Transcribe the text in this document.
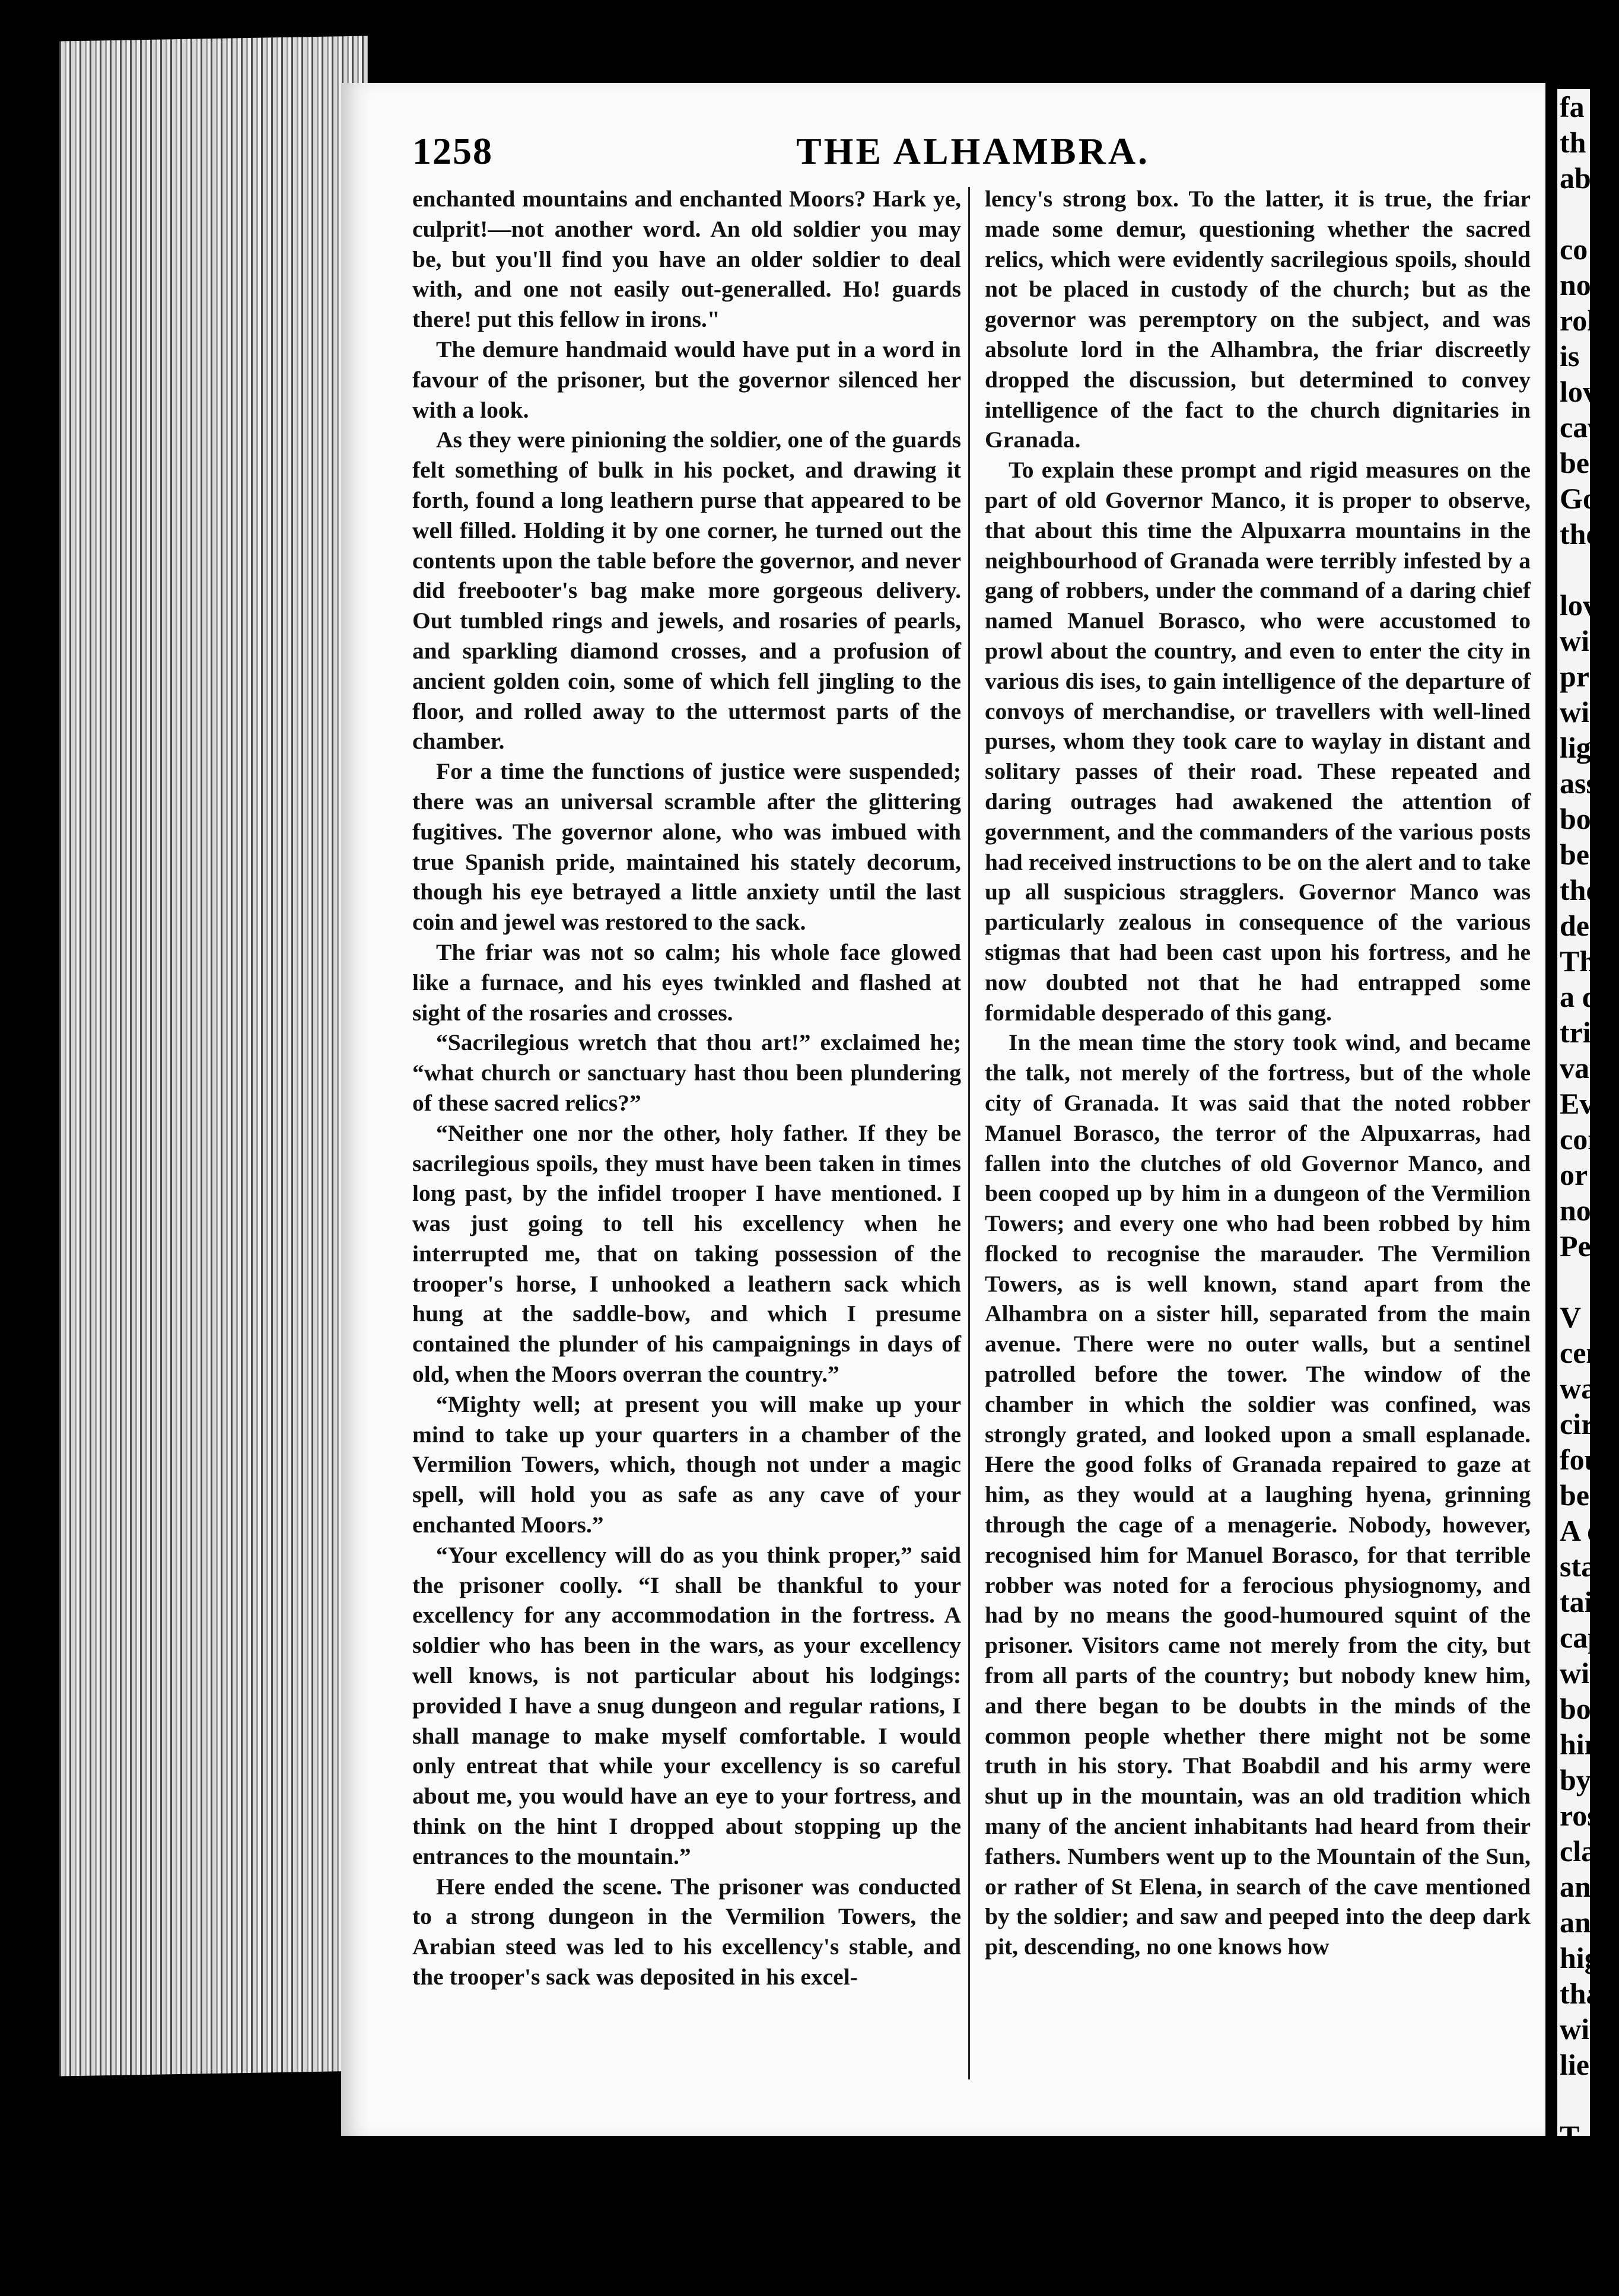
1258	THE ALHAMBRA.

enchanted mountains and enchanted Moors? Hark ye, culprit!—not another word. An old soldier you may be, but you'll find you have an older soldier to deal with, and one not easily out-generalled. Ho! guards there! put this fellow in irons."

The demure handmaid would have put in a word in favour of the prisoner, but the governor silenced her with a look.

As they were pinioning the soldier, one of the guards felt something of bulk in his pocket, and drawing it forth, found a long leathern purse that appeared to be well filled. Holding it by one corner, he turned out the contents upon the table before the governor, and never did freebooter's bag make more gorgeous delivery. Out tumbled rings and jewels, and rosaries of pearls, and sparkling diamond crosses, and a profusion of ancient golden coin, some of which fell jingling to the floor, and rolled away to the uttermost parts of the chamber.

For a time the functions of justice were suspended; there was an universal scramble after the glittering fugitives. The governor alone, who was imbued with true Spanish pride, maintained his stately decorum, though his eye betrayed a little anxiety until the last coin and jewel was restored to the sack.

The friar was not so calm; his whole face glowed like a furnace, and his eyes twinkled and flashed at sight of the rosaries and crosses.

“Sacrilegious wretch that thou art!” exclaimed he; “what church or sanctuary hast thou been plundering of these sacred relics?”

“Neither one nor the other, holy father. If they be sacrilegious spoils, they must have been taken in times long past, by the infidel trooper I have mentioned. I was just going to tell his excellency when he interrupted me, that on taking possession of the trooper's horse, I unhooked a leathern sack which hung at the saddle-bow, and which I presume contained the plunder of his campaignings in days of old, when the Moors overran the country.”

“Mighty well; at present you will make up your mind to take up your quarters in a chamber of the Vermilion Towers, which, though not under a magic spell, will hold you as safe as any cave of your enchanted Moors.”

“Your excellency will do as you think proper,” said the prisoner coolly. “I shall be thankful to your excellency for any accommodation in the fortress. A soldier who has been in the wars, as your excellency well knows, is not particular about his lodgings: provided I have a snug dungeon and regular rations, I shall manage to make myself comfortable. I would only entreat that while your excellency is so careful about me, you would have an eye to your fortress, and think on the hint I dropped about stopping up the entrances to the mountain.”

Here ended the scene. The prisoner was conducted to a strong dungeon in the Vermilion Towers, the Arabian steed was led to his excellency's stable, and the trooper's sack was deposited in his excel-

lency's strong box. To the latter, it is true, the friar made some demur, questioning whether the sacred relics, which were evidently sacrilegious spoils, should not be placed in custody of the church; but as the governor was peremptory on the subject, and was absolute lord in the Alhambra, the friar discreetly dropped the discussion, but determined to convey intelligence of the fact to the church dignitaries in Granada.

To explain these prompt and rigid measures on the part of old Governor Manco, it is proper to observe, that about this time the Alpuxarra mountains in the neighbourhood of Granada were terribly infested by a gang of robbers, under the command of a daring chief named Manuel Borasco, who were accustomed to prowl about the country, and even to enter the city in various dis ises, to gain intelligence of the departure of convoys of merchandise, or travellers with well-lined purses, whom they took care to waylay in distant and solitary passes of their road. These repeated and daring outrages had awakened the attention of government, and the commanders of the various posts had received instructions to be on the alert and to take up all suspicious stragglers. Governor Manco was particularly zealous in consequence of the various stigmas that had been cast upon his fortress, and he now doubted not that he had entrapped some formidable desperado of this gang.

In the mean time the story took wind, and became the talk, not merely of the fortress, but of the whole city of Granada. It was said that the noted robber Manuel Borasco, the terror of the Alpuxarras, had fallen into the clutches of old Governor Manco, and been cooped up by him in a dungeon of the Vermilion Towers; and every one who had been robbed by him flocked to recognise the marauder. The Vermilion Towers, as is well known, stand apart from the Alhambra on a sister hill, separated from the main avenue. There were no outer walls, but a sentinel patrolled before the tower. The window of the chamber in which the soldier was confined, was strongly grated, and looked upon a small esplanade. Here the good folks of Granada repaired to gaze at him, as they would at a laughing hyena, grinning through the cage of a menagerie. Nobody, however, recognised him for Manuel Borasco, for that terrible robber was noted for a ferocious physiognomy, and had by no means the good-humoured squint of the prisoner. Visitors came not merely from the city, but from all parts of the country; but nobody knew him, and there began to be doubts in the minds of the common people whether there might not be some truth in his story. That Boabdil and his army were shut up in the mountain, was an old tradition which many of the ancient inhabitants had heard from their fathers. Numbers went up to the Mountain of the Sun, or rather of St Elena, in search of the cave mentioned by the soldier; and saw and peeped into the deep dark pit, descending, no one knows how

fa
th
ab

co
no
rol
is
lov
cav
be
Go
the

lov
wi
pro
wi
ligl
ass
bol
bea
the
dec
Th
a d
trie
vat
Ev
con
or
nov
Peñ

V
cen
wa
circ
fou
bee
A q
star
tain
capt
with
bod
him
by t
rosa
clai
and
and
high
tha
with
lieu

T
sold
Tow
bene
the
